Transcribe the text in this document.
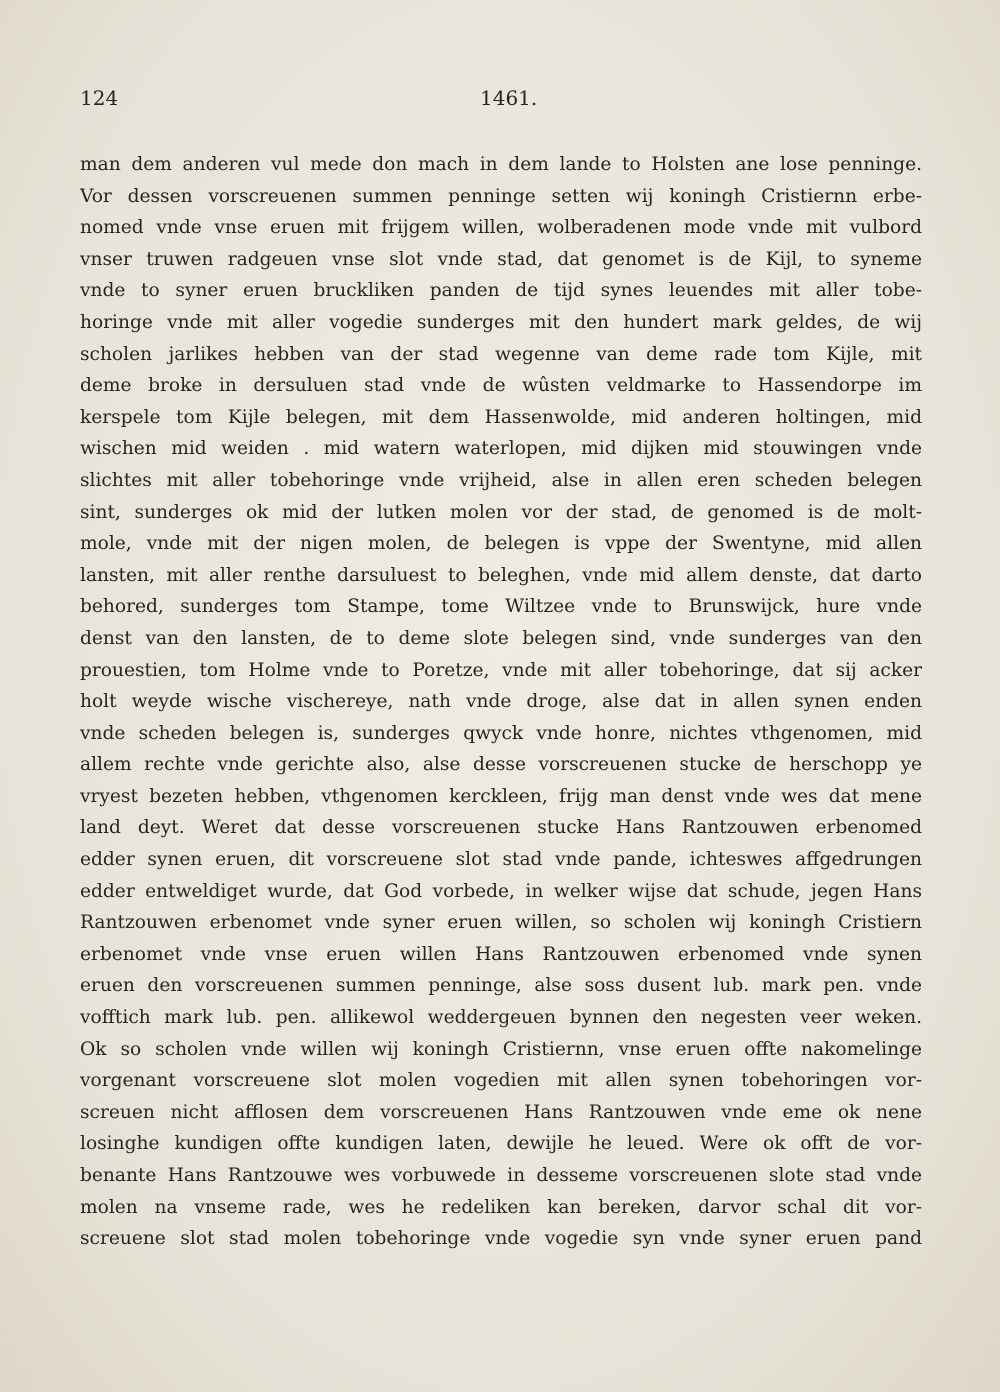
124	1461.
man dem anderen vul mede don mach in dem lande to Holsten ane lose penninge.
Vor dessen vorscreuenen summen penninge setten wij koningh Cristiernn erbe-
nomed vnde vnse eruen mit frijgem willen, wolberadenen mode vnde mit vulbord
vnser truwen radgeuen vnse slot vnde stad, dat genomet is de Kijl, to syneme
vnde to syner eruen bruckliken panden de tijd synes leuendes mit aller tobe-
horinge vnde mit aller vogedie sunderges mit den hundert mark geldes, de wij
scholen jarlikes hebben van der stad wegenne van deme rade tom Kijle, mit
deme broke in dersuluen stad vnde de wûsten veldmarke to Hassendorpe im
kerspele tom Kijle belegen, mit dem Hassenwolde, mid anderen holtingen, mid
wischen mid weiden . mid watern waterlopen, mid dijken mid stouwingen vnde
slichtes mit aller tobehoringe vnde vrijheid, alse in allen eren scheden belegen
sint, sunderges ok mid der lutken molen vor der stad, de genomed is de molt-
mole, vnde mit der nigen molen, de belegen is vppe der Swentyne, mid allen
lansten, mit aller renthe darsuluest to beleghen, vnde mid allem denste, dat darto
behored, sunderges tom Stampe, tome Wiltzee vnde to Brunswijck, hure vnde
denst van den lansten, de to deme slote belegen sind, vnde sunderges van den
prouestien, tom Holme vnde to Poretze, vnde mit aller tobehoringe, dat sij acker
holt weyde wische vischereye, nath vnde droge, alse dat in allen synen enden
vnde scheden belegen is, sunderges qwyck vnde honre, nichtes vthgenomen, mid
allem rechte vnde gerichte also, alse desse vorscreuenen stucke de herschopp ye
vryest bezeten hebben, vthgenomen kerckleen, frijg man denst vnde wes dat mene
land deyt. Weret dat desse vorscreuenen stucke Hans Rantzouwen erbenomed
edder synen eruen, dit vorscreuene slot stad vnde pande, ichteswes affgedrungen
edder entweldiget wurde, dat God vorbede, in welker wijse dat schude, jegen Hans
Rantzouwen erbenomet vnde syner eruen willen, so scholen wij koningh Cristiern
erbenomet vnde vnse eruen willen Hans Rantzouwen erbenomed vnde synen
eruen den vorscreuenen summen penninge, alse soss dusent lub. mark pen. vnde
vofftich mark lub. pen. allikewol weddergeuen bynnen den negesten veer weken.
Ok so scholen vnde willen wij koningh Cristiernn, vnse eruen offte nakomelinge
vorgenant vorscreuene slot molen vogedien mit allen synen tobehoringen vor-
screuen nicht afflosen dem vorscreuenen Hans Rantzouwen vnde eme ok nene
losinghe kundigen offte kundigen laten, dewijle he leued. Were ok offt de vor-
benante Hans Rantzouwe wes vorbuwede in desseme vorscreuenen slote stad vnde
molen na vnseme rade, wes he redeliken kan bereken, darvor schal dit vor-
screuene slot stad molen tobehoringe vnde vogedie syn vnde syner eruen pand
